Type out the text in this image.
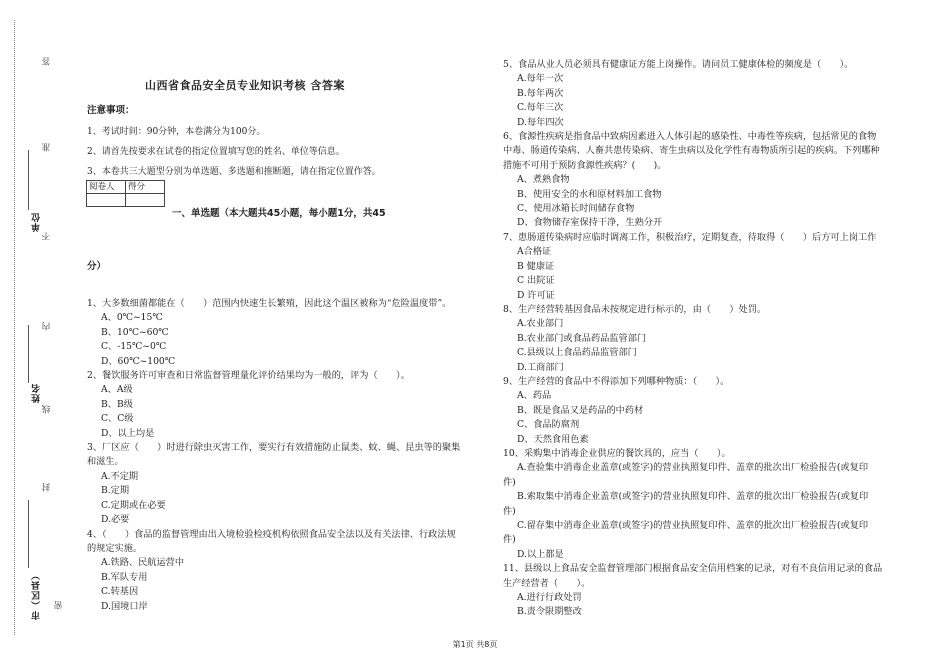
答
准
单位
不
内
姓名
线
封
市（区县） 密
山西省食品安全员专业知识考核 含答案
注意事项：
1、考试时间：90分钟，本卷满分为100分。
2、请首先按要求在试卷的指定位置填写您的姓名、单位等信息。
3、本卷共三大题型分别为单选题、多选题和推断题，请在指定位置作答。
阅卷人	得分

一、单选题（本大题共45小题，每小题1分，共45
分）

1、大多数细菌都能在（　　）范围内快速生长繁殖，因此这个温区被称为“危险温度带”。

A、0℃~15℃

B、10℃~60℃

C、-15℃~0℃

D、60℃~100℃

2、餐饮服务许可审查和日常监督管理量化评价结果均为一般的，评为（　　）。

A、A级

B、B级

C、C级

D、以上均是

3、厂区应（　　）时进行除虫灭害工作，要实行有效措施防止鼠类、蚊、蝇、昆虫等的聚集

和滋生。

A.不定期

B.定期

C.定期或在必要

D.必要

4、（　　）食品的监督管理由出入境检验检疫机构依照食品安全法以及有关法律、行政法规

的规定实施。

A.铁路、民航运营中

B.军队专用

C.转基因

D.国境口岸

5、食品从业人员必须具有健康证方能上岗操作。请问员工健康体检的频度是（　　）。

A.每年一次

B.每年两次

C.每年三次

D.每年四次

6、食源性疾病是指食品中致病因素进入人体引起的感染性、中毒性等疾病，包括常见的食物

中毒、肠道传染病、人畜共患传染病、寄生虫病以及化学性有毒物质所引起的疾病。下列哪种

措施不可用于预防食源性疾病？(　　)。

A、煮熟食物

B、使用安全的水和原材料加工食物

C、使用冰箱长时间储存食物

D、食物储存室保持干净，生熟分开

7、患肠道传染病时应临时调离工作，积极治疗，定期复查，待取得（　　）后方可上岗工作

A合格证

B 健康证

C 出院证

D 许可证

8、生产经营转基因食品未按规定进行标示的，由（　　）处罚。

A.农业部门

B.农业部门或食品药品监管部门

C.县级以上食品药品监管部门

D.工商部门

9、生产经营的食品中不得添加下列哪种物质：（　　）。

A、药品

B、既是食品又是药品的中药材

C、食品防腐剂

D、天然食用色素

10、采购集中消毒企业供应的餐饮具的，应当（　　）。

A.查验集中消毒企业盖章(或签字)的营业执照复印件、盖章的批次出厂检验报告(或复印

件)

B.索取集中消毒企业盖章(或签字)的营业执照复印件、盖章的批次出厂检验报告(或复印

件)

C.留存集中消毒企业盖章(或签字)的营业执照复印件、盖章的批次出厂检验报告(或复印

件)

D.以上都是

11、县级以上食品安全监督管理部门根据食品安全信用档案的记录，对有不良信用记录的食品

生产经营者（　　）。

A.进行行政处罚

B.责令限期整改

第1页 共8页
